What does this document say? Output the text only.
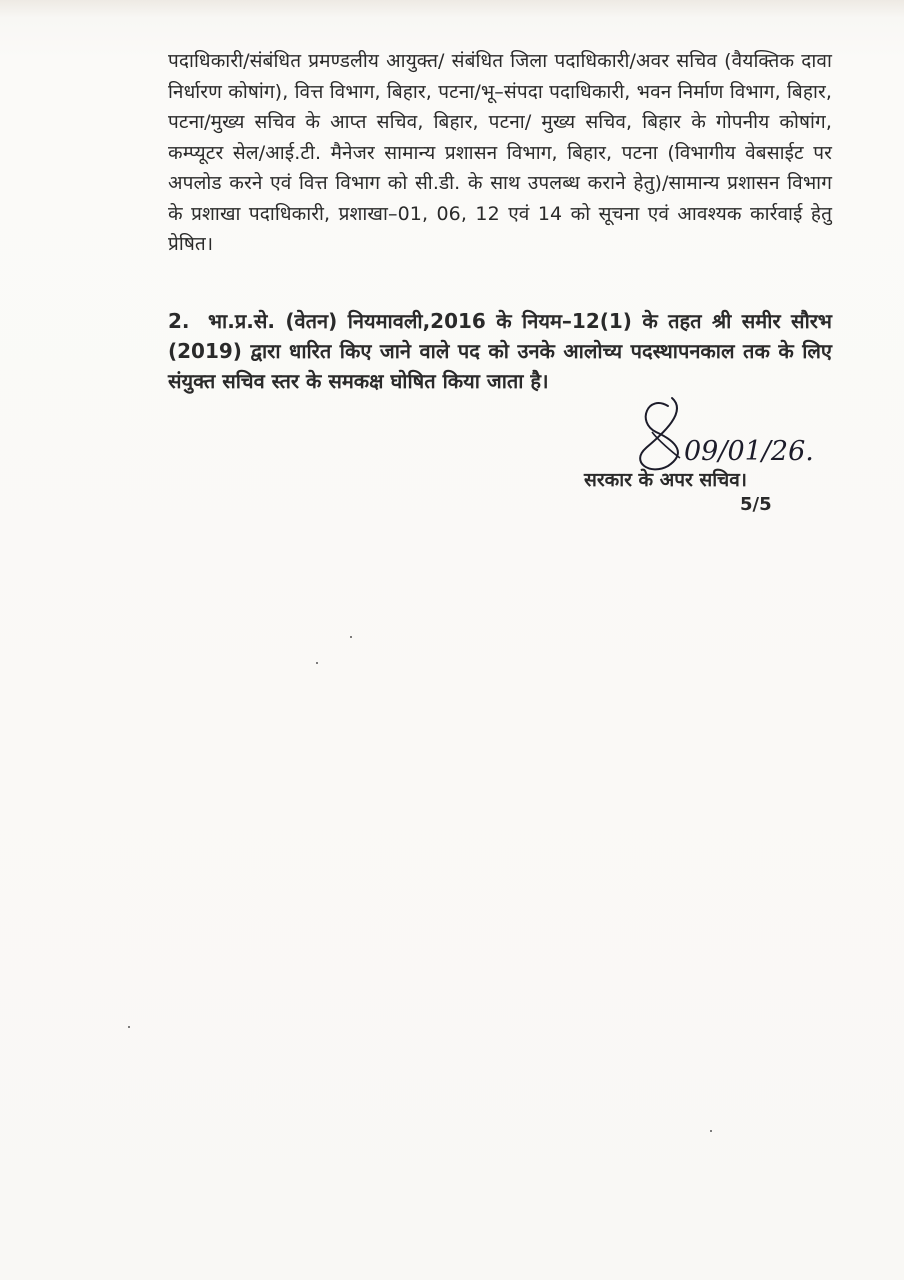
पदाधिकारी/संबंधित प्रमण्डलीय आयुक्त/ संबंधित जिला पदाधिकारी/अवर सचिव (वैयक्तिक दावा निर्धारण कोषांग), वित्त विभाग, बिहार, पटना/भू–संपदा पदाधिकारी, भवन निर्माण विभाग, बिहार, पटना/मुख्य सचिव के आप्त सचिव, बिहार, पटना/ मुख्य सचिव, बिहार के गोपनीय कोषांग, कम्प्यूटर सेल/आई.टी. मैनेजर सामान्य प्रशासन विभाग, बिहार, पटना (विभागीय वेबसाईट पर अपलोड करने एवं वित्त विभाग को सी.डी. के साथ उपलब्ध कराने हेतु)/सामान्य प्रशासन विभाग के प्रशाखा पदाधिकारी, प्रशाखा–01, 06, 12 एवं 14 को सूचना एवं आवश्यक कार्रवाई हेतु प्रेषित।
2. भा.प्र.से. (वेतन) नियमावली,2016 के नियम–12(1) के तहत श्री समीर सौरभ (2019) द्वारा धारित किए जाने वाले पद को उनके आलोच्य पदस्थापनकाल तक के लिए संयुक्त सचिव स्तर के समकक्ष घोषित किया जाता है।
09/01/26.
सरकार के अपर सचिव।
5/5
